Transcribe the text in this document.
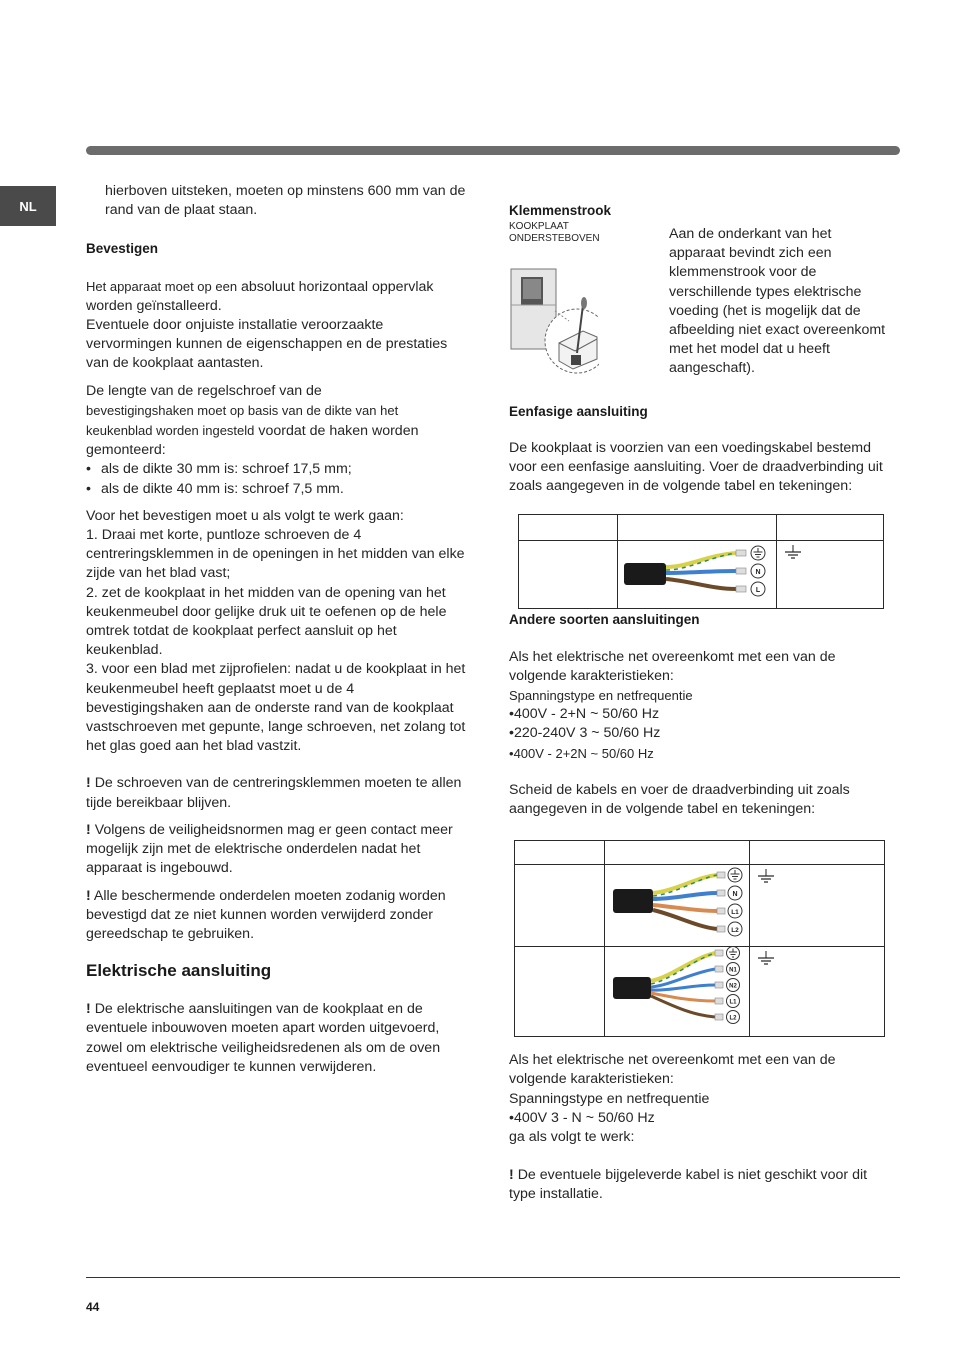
NL

hierboven uitsteken, moeten op minstens 600 mm van de rand van de plaat staan.

Bevestigen

Het apparaat moet op een absoluut horizontaal oppervlak worden geïnstalleerd.
Eventuele door onjuiste installatie veroorzaakte vervormingen kunnen de eigenschappen en de prestaties van de kookplaat aantasten.

De lengte van de regelschroef van de
bevestigingshaken moet op basis van de dikte van het keukenblad worden ingesteld voordat de haken worden gemonteerd:

• als de dikte 30 mm is: schroef 17,5 mm;

• als de dikte 40 mm is: schroef 7,5 mm.

Voor het bevestigen moet u als volgt te werk gaan:

1. Draai met korte, puntloze schroeven de 4 centreringsklemmen in de openingen in het midden van elke zijde van het blad vast;

2. zet de kookplaat in het midden van de opening van het keukenmeubel door gelijke druk uit te oefenen op de hele omtrek totdat de kookplaat perfect aansluit op het keukenblad.

3. voor een blad met zijprofielen: nadat u de kookplaat in het keukenmeubel heeft geplaatst moet u de 4 bevestigingshaken aan de onderste rand van de kookplaat vastschroeven met gepunte, lange schroeven, net zolang tot het glas goed aan het blad vastzit.

! De schroeven van de centreringsklemmen moeten te allen tijde bereikbaar blijven.

! Volgens de veiligheidsnormen mag er geen contact meer mogelijk zijn met de elektrische onderdelen nadat het apparaat is ingebouwd.

! Alle beschermende onderdelen moeten zodanig worden bevestigd dat ze niet kunnen worden verwijderd zonder gereedschap te gebruiken.

Elektrische aansluiting

! De elektrische aansluitingen van de kookplaat en de eventuele inbouwoven moeten apart worden uitgevoerd, zowel om elektrische veiligheidsredenen als om de oven eventueel eenvoudiger te kunnen verwijderen.

Klemmenstrook

KOOKPLAAT
ONDERSTEBOVEN	Aan de onderkant van het apparaat bevindt zich een klemmenstrook voor de verschillende types elektrische voeding (het is mogelijk dat de afbeelding niet exact overeenkomt met het model dat u heeft aangeschaft).

Eenfasige aansluiting

De kookplaat is voorzien van een voedingskabel bestemd voor een eenfasige aansluiting. Voer de draadverbinding uit zoals aangegeven in de volgende tabel en tekeningen:

Andere soorten aansluitingen

Als het elektrische net overeenkomt met een van de volgende karakteristieken:

Spanningstype en netfrequentie

• 400V - 2+N ~ 50/60 Hz

• 220-240V 3 ~ 50/60 Hz

• 400V - 2+2N ~ 50/60 Hz

Scheid de kabels en voer de draadverbinding uit zoals aangegeven in de volgende tabel en tekeningen:

Als het elektrische net overeenkomt met een van de volgende karakteristieken:

Spanningstype en netfrequentie

• 400V 3 - N ~ 50/60 Hz

ga als volgt te werk:

! De eventuele bijgeleverde kabel is niet geschikt voor dit type installatie.

N
L

N
L1
L2

N1
N2
L1
L2

44
